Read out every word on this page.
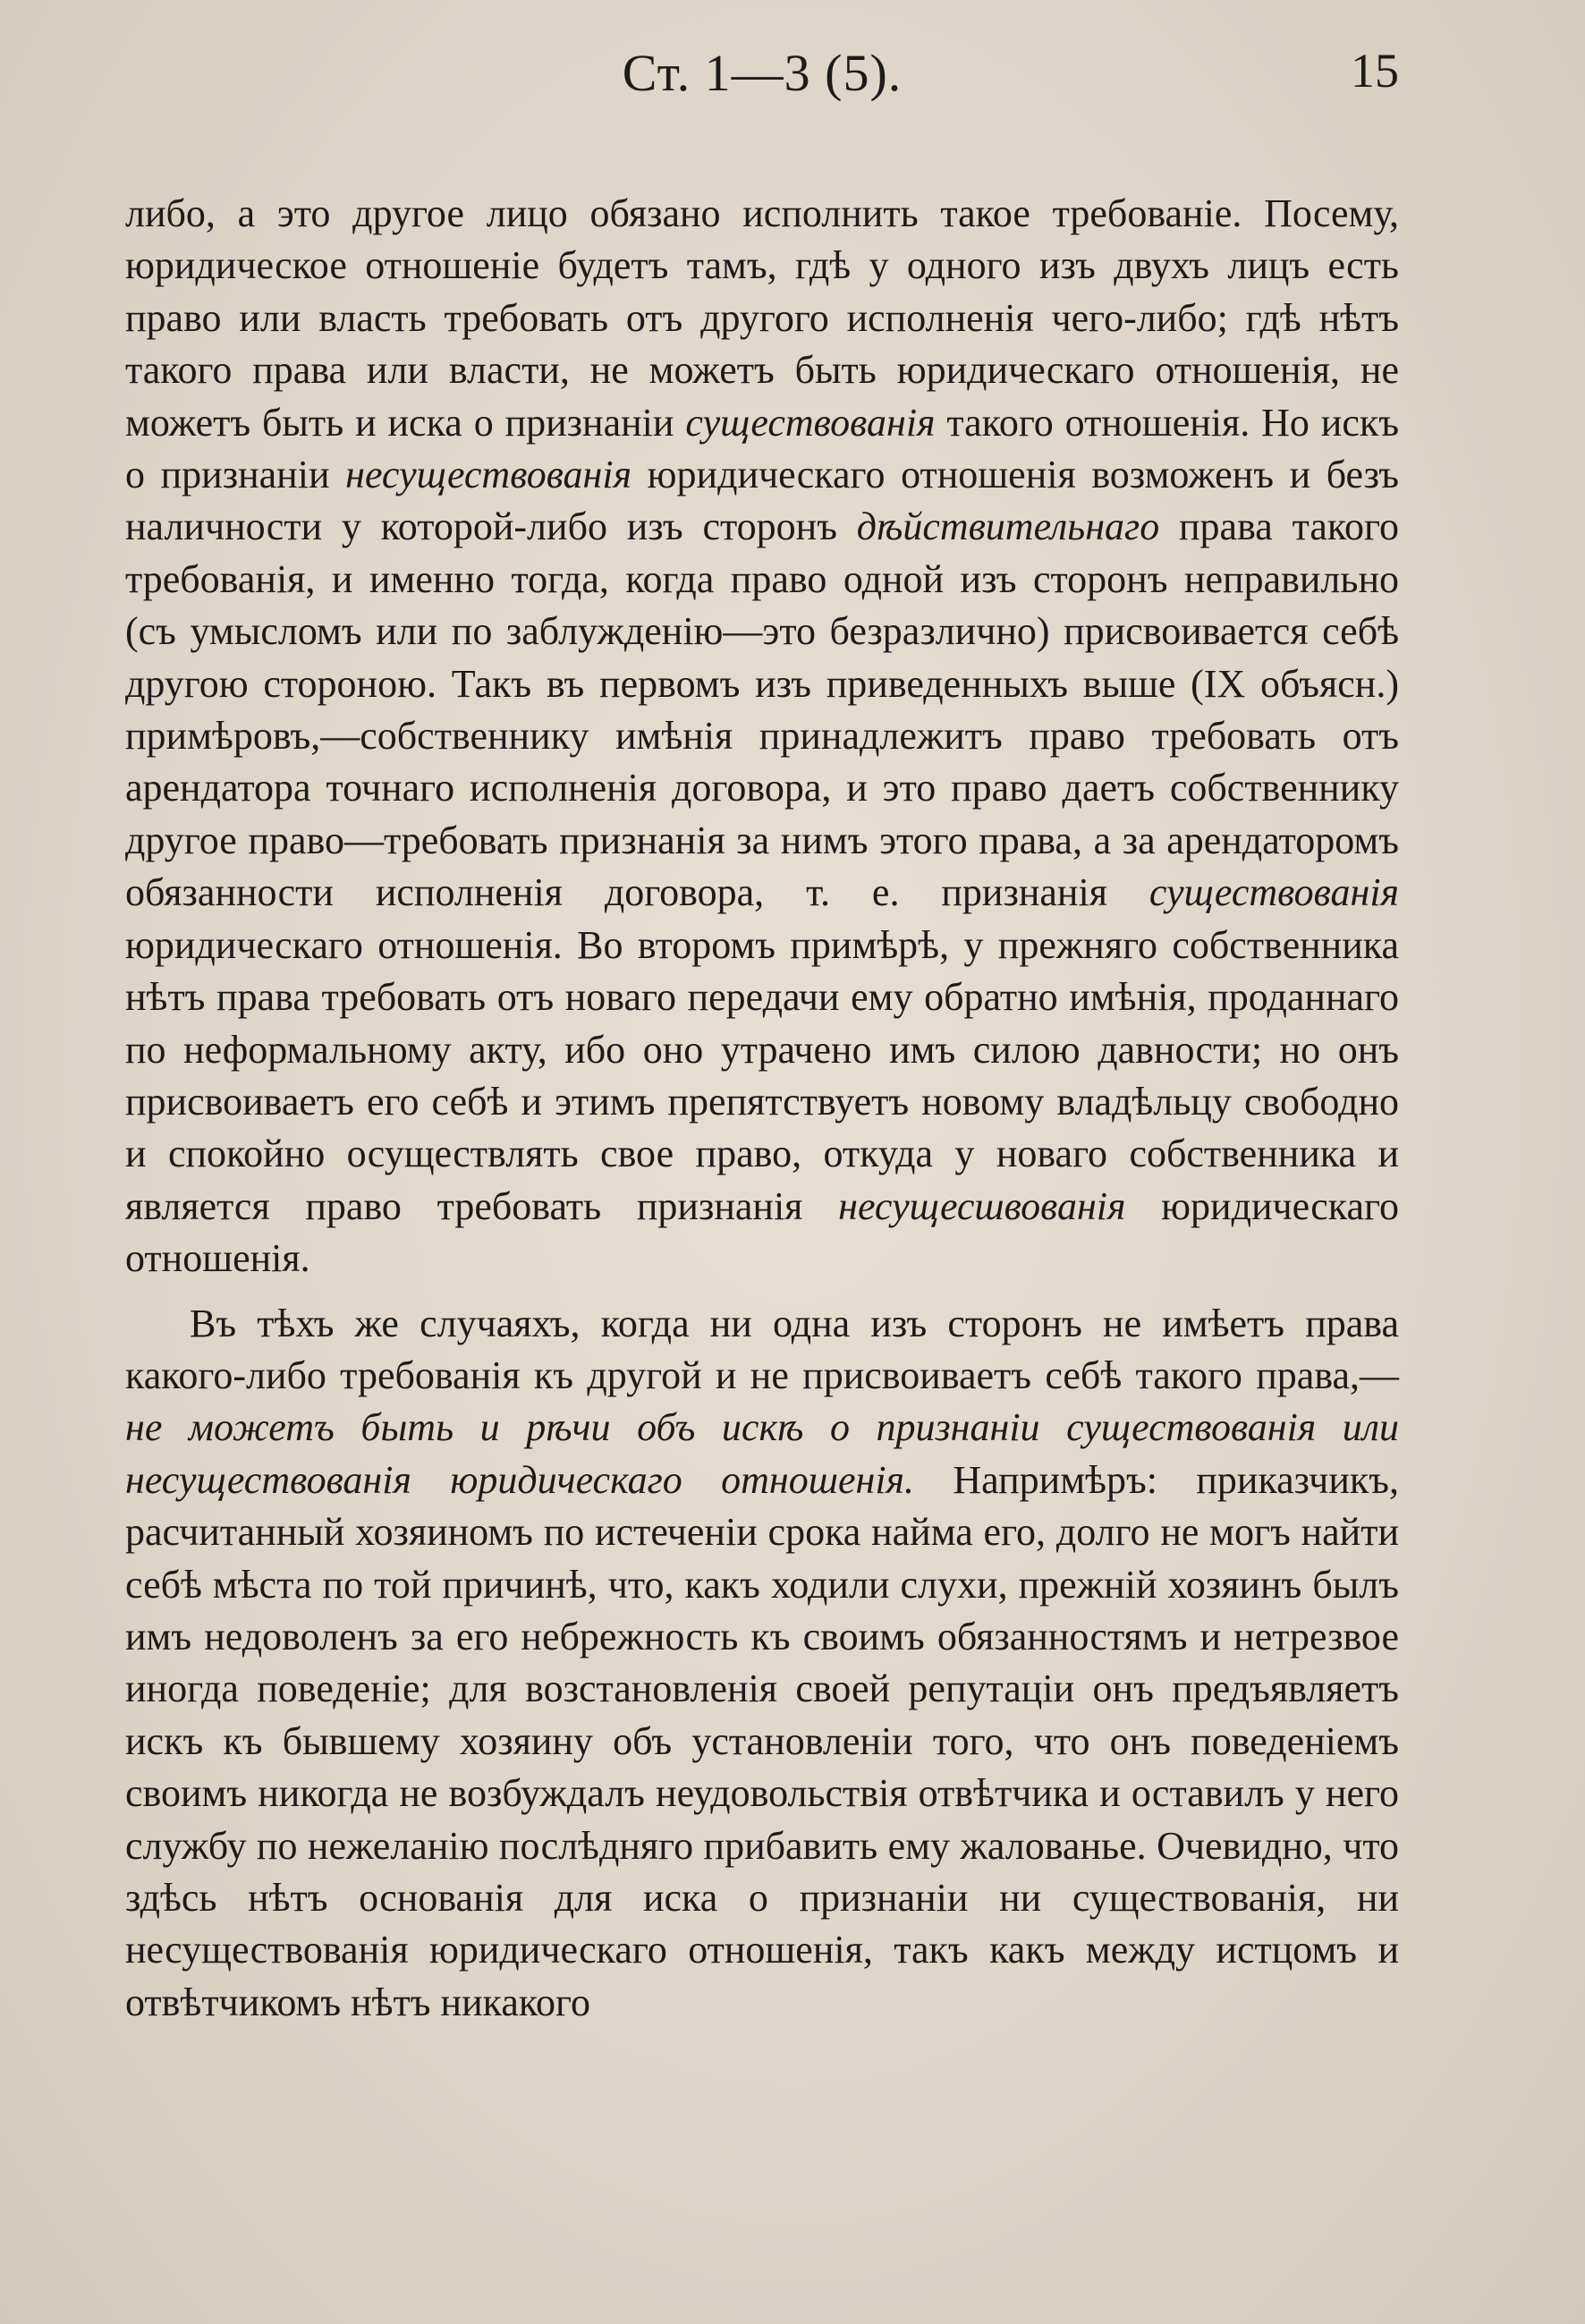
Ст. 1—3 (5).	15

либо, а это другое лицо обязано исполнить такое требованіе. Посему, юридическое отношеніе будетъ тамъ, гдѣ у одного изъ двухъ лицъ есть право или власть требовать отъ другого исполненія чего-либо; гдѣ нѣтъ такого права или власти, не можетъ быть юридическаго отношенія, не можетъ быть и иска о признаніи существованія такого отношенія. Но искъ о признаніи несуществованія юридическаго отношенія возможенъ и безъ наличности у которой-либо изъ сторонъ дѣйствительнаго права такого требованія, и именно тогда, когда право одной изъ сторонъ неправильно (съ умысломъ или по заблужденію—это безразлично) присвоивается себѣ другою стороною. Такъ въ первомъ изъ приведенныхъ выше (IX объясн.) примѣровъ,—собственнику имѣнія принадлежитъ право требовать отъ арендатора точнаго исполненія договора, и это право даетъ собственнику другое право—требовать признанія за нимъ этого права, а за арендаторомъ обязанности исполненія договора, т. е. признанія существованія юридическаго отношенія. Во второмъ примѣрѣ, у прежняго собственника нѣтъ права требовать отъ новаго передачи ему обратно имѣнія, проданнаго по неформальному акту, ибо оно утрачено имъ силою давности; но онъ присвоиваетъ его себѣ и этимъ препятствуетъ новому владѣльцу свободно и спокойно осуществлять свое право, откуда у новаго собственника и является право требовать признанія несущесшвованія юридическаго отношенія.

Въ тѣхъ же случаяхъ, когда ни одна изъ сторонъ не имѣетъ права какого-либо требованія къ другой и не присвоиваетъ себѣ такого права,—не можетъ быть и рѣчи объ искѣ о признаніи существованія или несуществованія юридическаго отношенія. Напримѣръ: приказчикъ, расчитанный хозяиномъ по истеченіи срока найма его, долго не могъ найти себѣ мѣста по той причинѣ, что, какъ ходили слухи, прежній хозяинъ былъ имъ недоволенъ за его небрежность къ своимъ обязанностямъ и нетрезвое иногда поведеніе; для возстановленія своей репутаціи онъ предъявляетъ искъ къ бывшему хозяину объ установленіи того, что онъ поведеніемъ своимъ никогда не возбуждалъ неудовольствія отвѣтчика и оставилъ у него службу по нежеланію послѣдняго прибавить ему жалованье. Очевидно, что здѣсь нѣтъ основанія для иска о признаніи ни существованія, ни несуществованія юридическаго отношенія, такъ какъ между истцомъ и отвѣтчикомъ нѣтъ никакого
